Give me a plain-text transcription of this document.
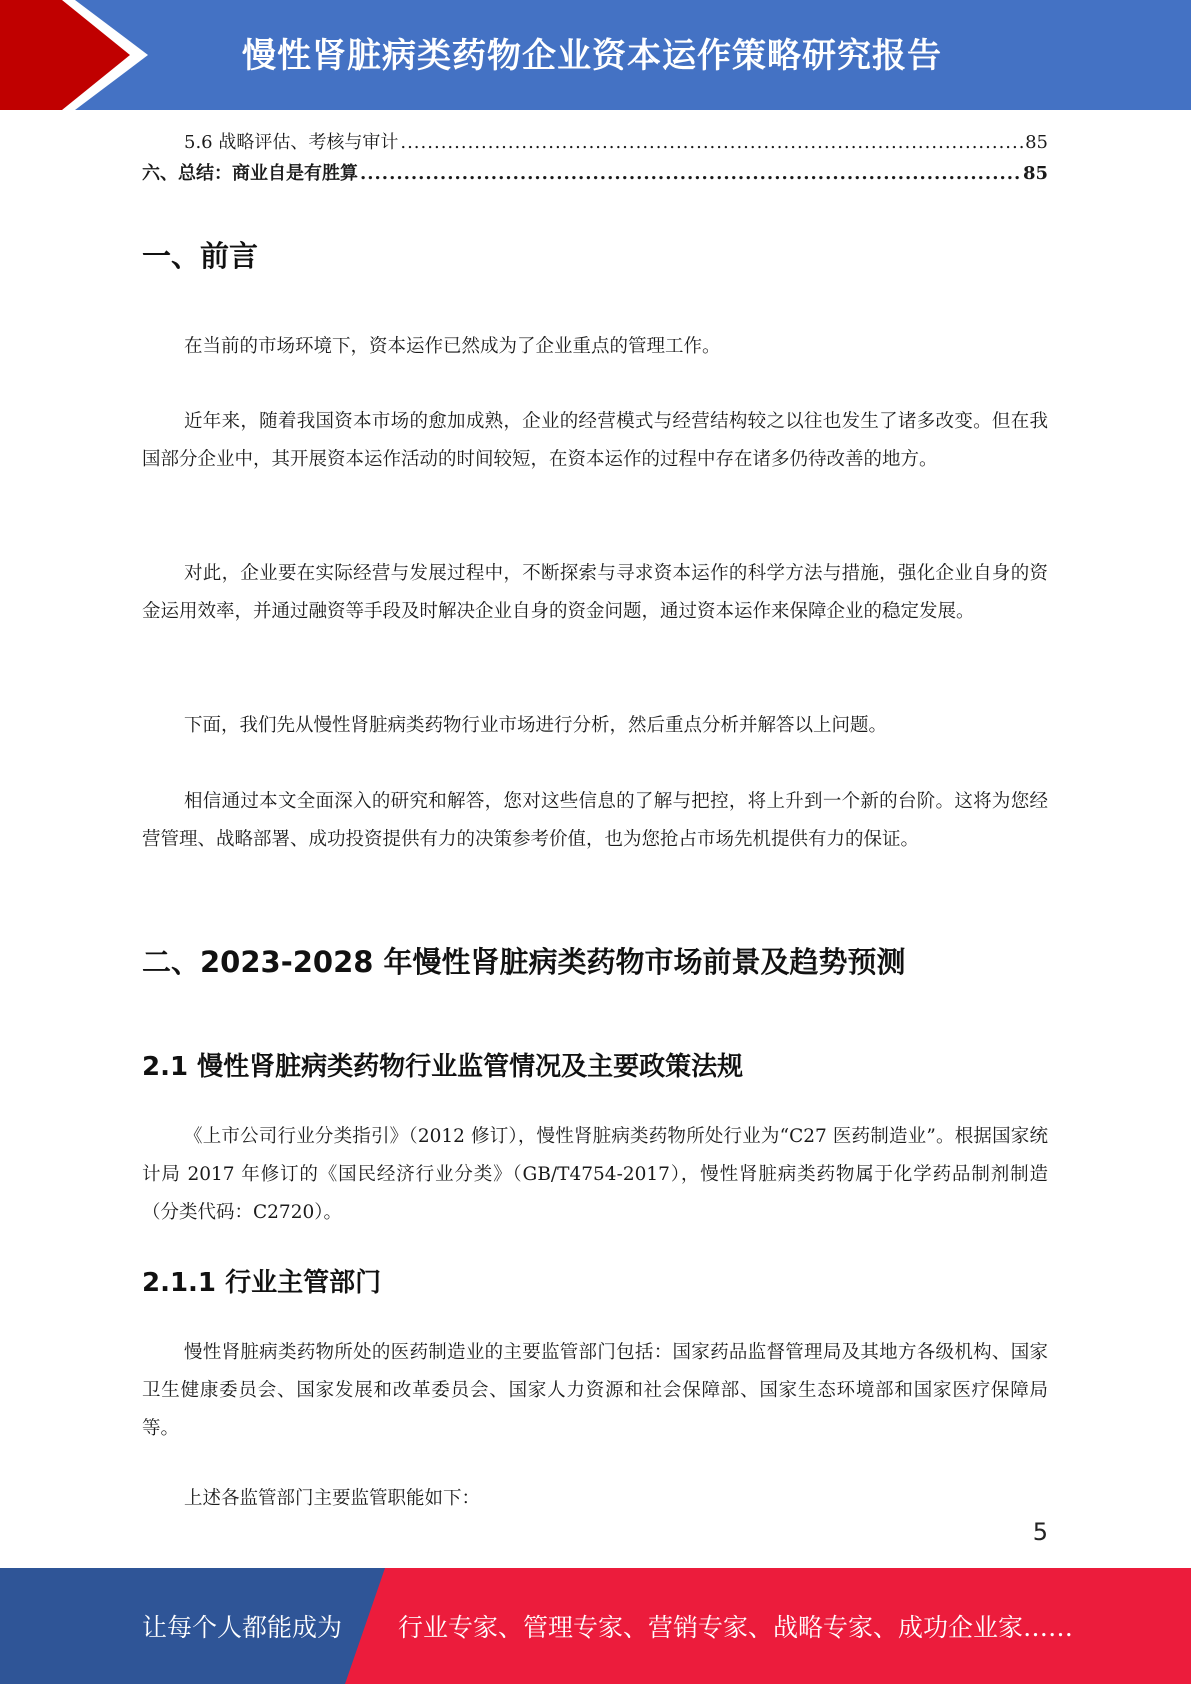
慢性肾脏病类药物企业资本运作策略研究报告
5.6 战略评估、考核与审计 .....	85
六、总结：商业自是有胜算 .....	85
一、前言

在当前的市场环境下，资本运作已然成为了企业重点的管理工作。

近年来，随着我国资本市场的愈加成熟，企业的经营模式与经营结构较之以往也发生了诸多改变。但在我国部分企业中，其开展资本运作活动的时间较短，在资本运作的过程中存在诸多仍待改善的地方。

对此，企业要在实际经营与发展过程中，不断探索与寻求资本运作的科学方法与措施，强化企业自身的资金运用效率，并通过融资等手段及时解决企业自身的资金问题，通过资本运作来保障企业的稳定发展。

下面，我们先从慢性肾脏病类药物行业市场进行分析，然后重点分析并解答以上问题。

相信通过本文全面深入的研究和解答，您对这些信息的了解与把控，将上升到一个新的台阶。这将为您经营管理、战略部署、成功投资提供有力的决策参考价值，也为您抢占市场先机提供有力的保证。

二、2023-2028 年慢性肾脏病类药物市场前景及趋势预测
2.1 慢性肾脏病类药物行业监管情况及主要政策法规

《上市公司行业分类指引》（2012 修订），慢性肾脏病类药物所处行业为“C27 医药制造业”。根据国家统计局 2017 年修订的《国民经济行业分类》（GB/T4754-2017），慢性肾脏病类药物属于化学药品制剂制造（分类代码：C2720）。

2.1.1 行业主管部门

慢性肾脏病类药物所处的医药制造业的主要监管部门包括：国家药品监督管理局及其地方各级机构、国家卫生健康委员会、国家发展和改革委员会、国家人力资源和社会保障部、国家生态环境部和国家医疗保障局等。

上述各监管部门主要监管职能如下：

5
让每个人都能成为 行业专家、管理专家、营销专家、战略专家、成功企业家……
